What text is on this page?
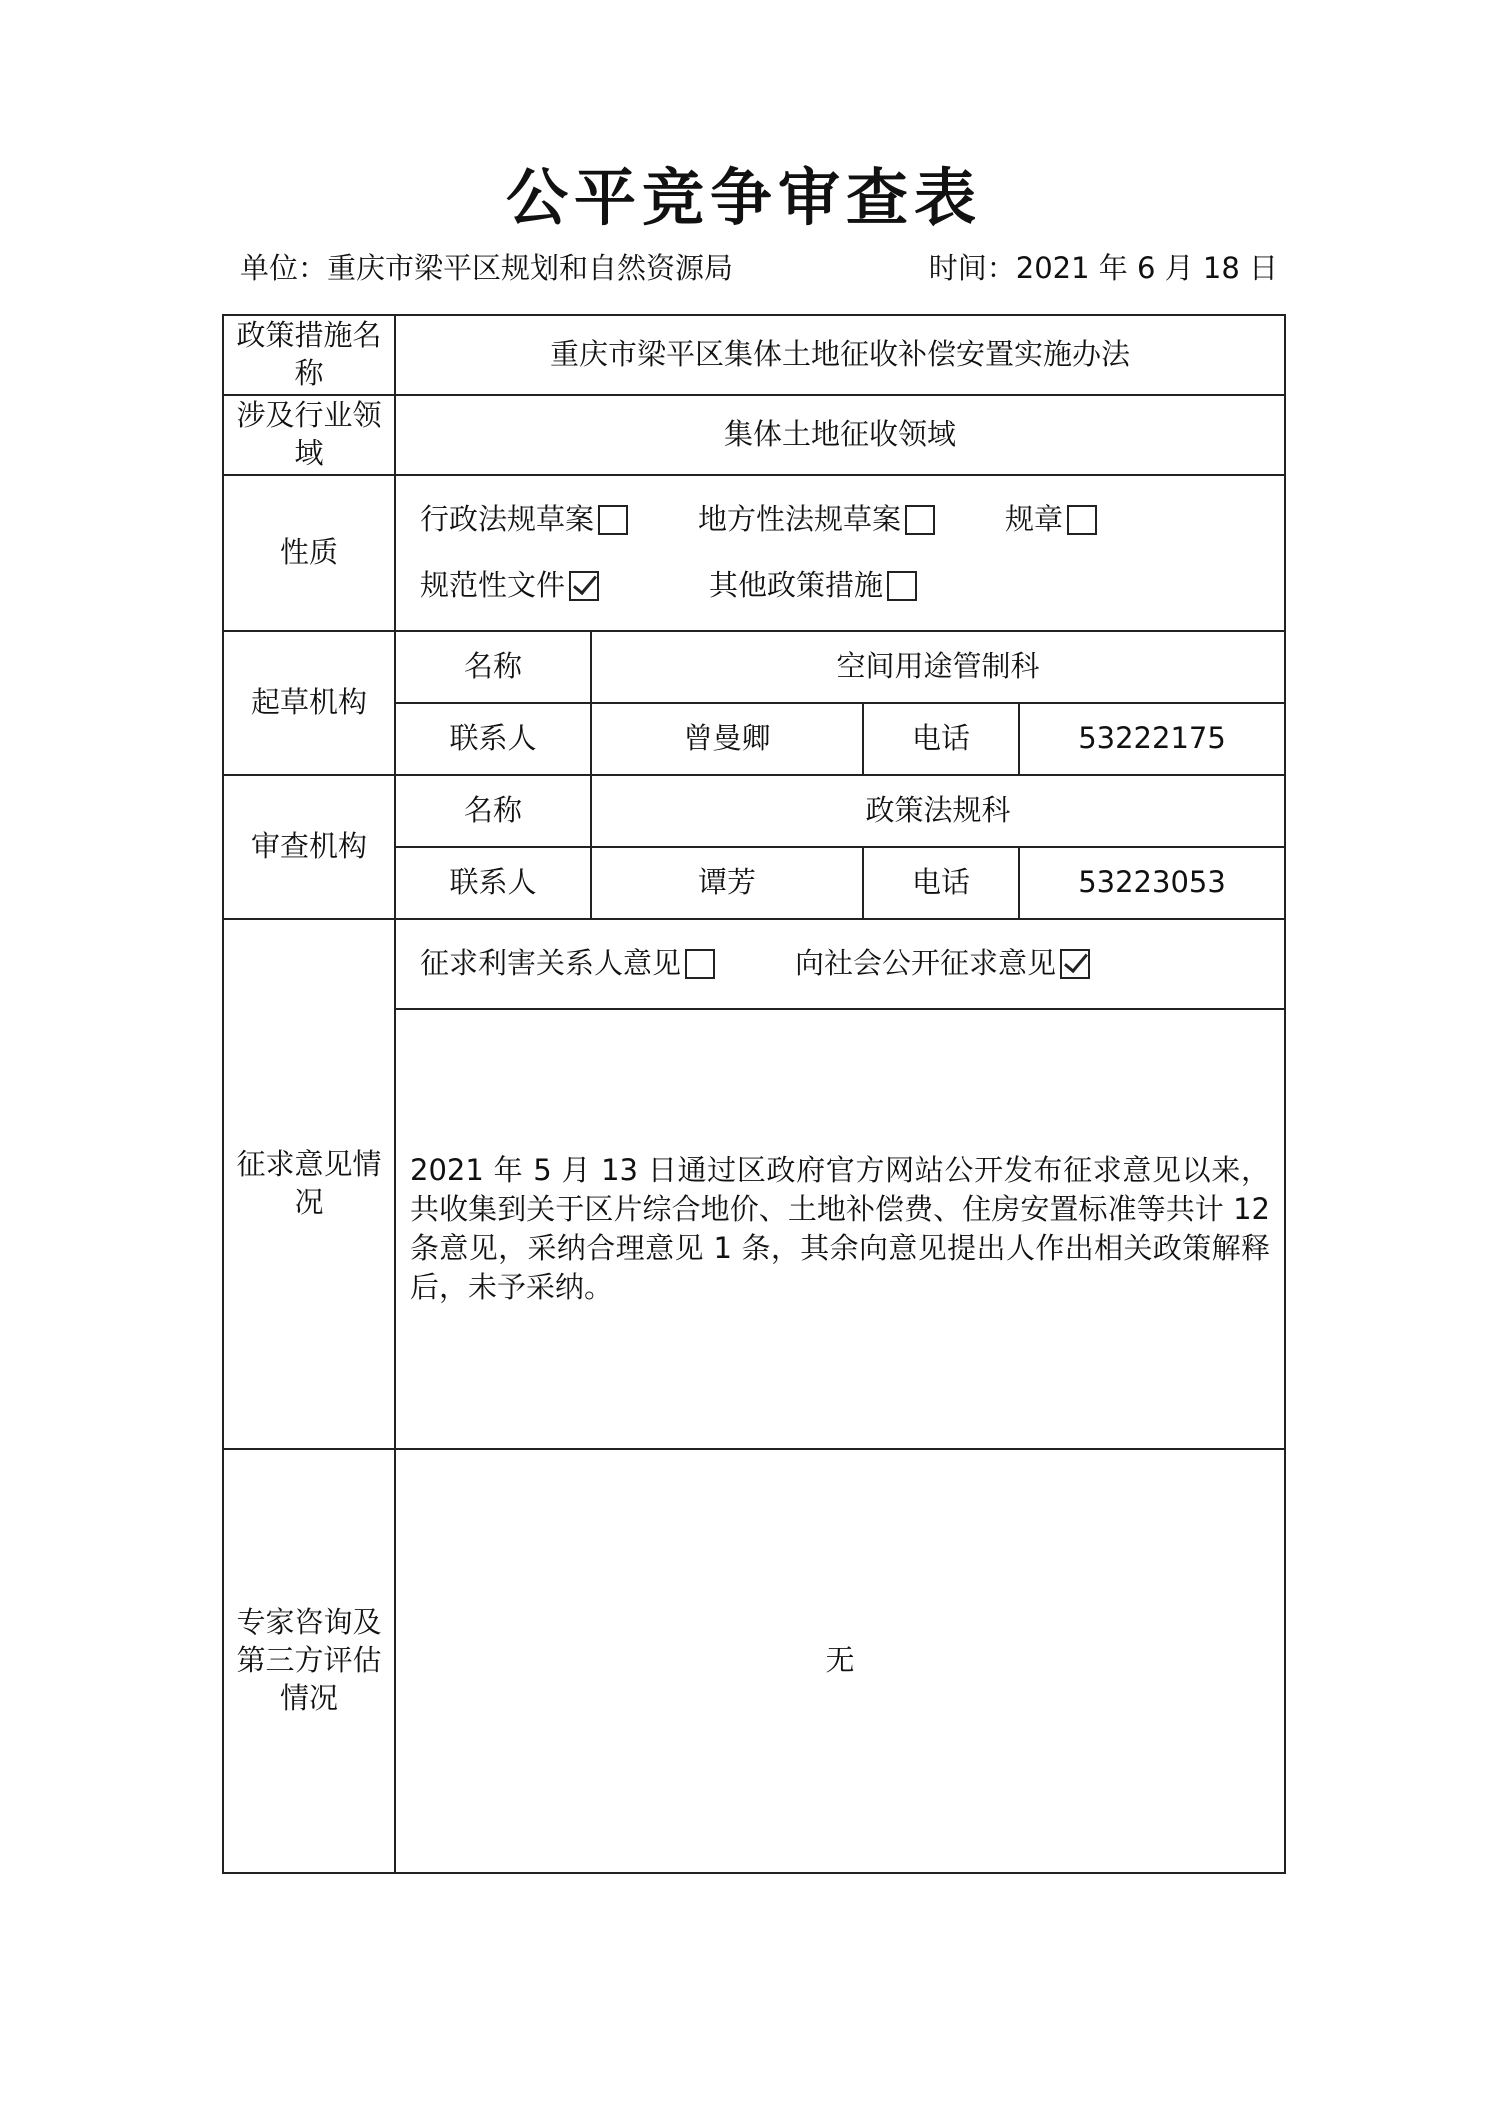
公平竞争审查表
单位：重庆市梁平区规划和自然资源局	时间：2021 年 6 月 18 日
政策措施名称	重庆市梁平区集体土地征收补偿安置实施办法			
涉及行业领域	集体土地征收领域			
性质	行政法规草案 地方性法规草案 规章
规范性文件 其他政策措施			

起草机构	名称	空间用途管制科		
	联系人	曾曼卿	电话	53222175
审查机构	名称	政策法规科		
	联系人	谭芳	电话	53223053
征求意见情况	征求利害关系人意见 向社会公开征求意见			

	2021 年 5 月 13 日通过区政府官方网站公开发布征求意见以来，共收集到关于区片综合地价、土地补偿费、住房安置标准等共计 12 条意见，采纳合理意见 1 条，其余向意见提出人作出相关政策解释后，未予采纳。			

专家咨询及第三方评估情况	无			
